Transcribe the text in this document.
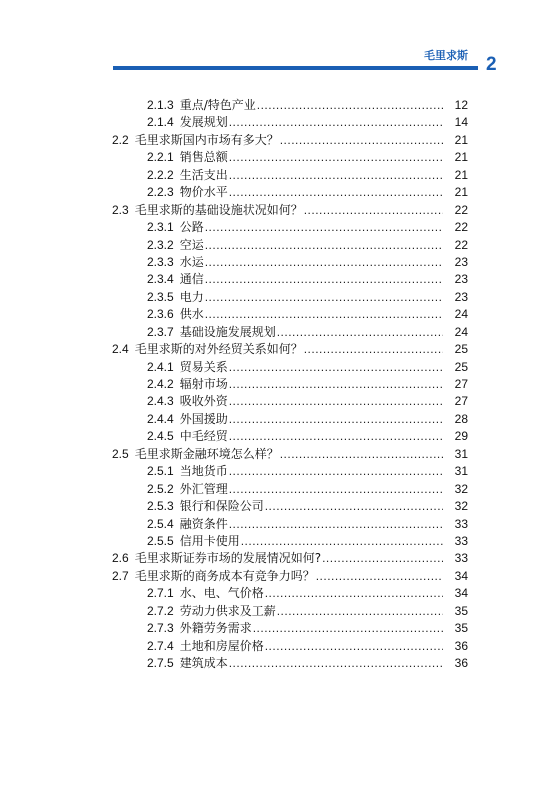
毛里求斯 2
2.1.3 重点/特色产业 .....	12
2.1.4 发展规划 .....	14
2.2 毛里求斯国内市场有多大？ .....	21
2.2.1 销售总额 .....	21
2.2.2 生活支出 .....	21
2.2.3 物价水平 .....	21
2.3 毛里求斯的基础设施状况如何？ .....	22
2.3.1 公路 .....	22
2.3.2 空运 .....	22
2.3.3 水运 .....	23
2.3.4 通信 .....	23
2.3.5 电力 .....	23
2.3.6 供水 .....	24
2.3.7 基础设施发展规划 .....	24
2.4 毛里求斯的对外经贸关系如何？ .....	25
2.4.1 贸易关系 .....	25
2.4.2 辐射市场 .....	27
2.4.3 吸收外资 .....	27
2.4.4 外国援助 .....	28
2.4.5 中毛经贸 .....	29
2.5 毛里求斯金融环境怎么样？ .....	31
2.5.1 当地货币 .....	31
2.5.2 外汇管理 .....	32
2.5.3 银行和保险公司 .....	32
2.5.4 融资条件 .....	33
2.5.5 信用卡使用 .....	33
2.6 毛里求斯证券市场的发展情况如何? .....	33
2.7 毛里求斯的商务成本有竞争力吗？ .....	34
2.7.1 水、电、气价格 .....	34
2.7.2 劳动力供求及工薪 .....	35
2.7.3 外籍劳务需求 .....	35
2.7.4 土地和房屋价格 .....	36
2.7.5 建筑成本 .....	36
